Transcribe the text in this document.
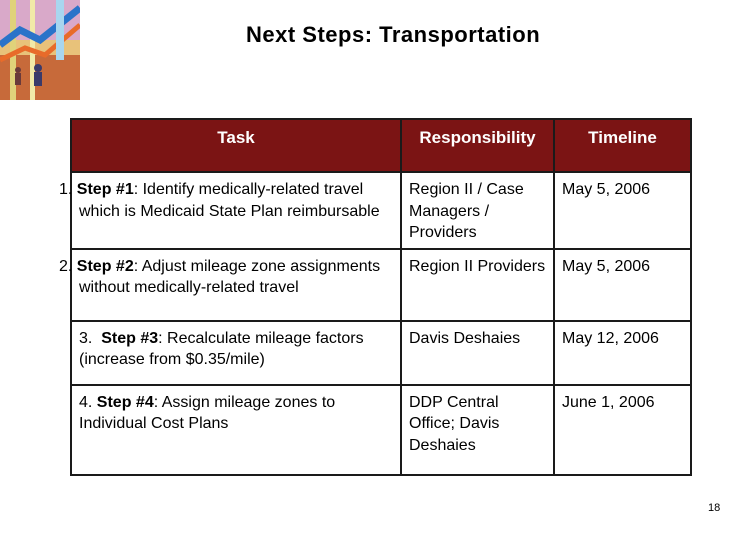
Next Steps: Transportation
Task	Responsibility	Timeline
1. Step #1: Identify medically-related travel which is Medicaid State Plan reimbursable	Region II / Case Managers / Providers	May 5, 2006
2. Step #2: Adjust mileage zone assignments without medically-related travel	Region II Providers	May 5, 2006
3.  Step #3: Recalculate mileage factors (increase from $0.35/mile)	Davis Deshaies	May 12, 2006
4. Step #4: Assign mileage zones to Individual Cost Plans	DDP Central Office; Davis Deshaies	June 1, 2006
18
